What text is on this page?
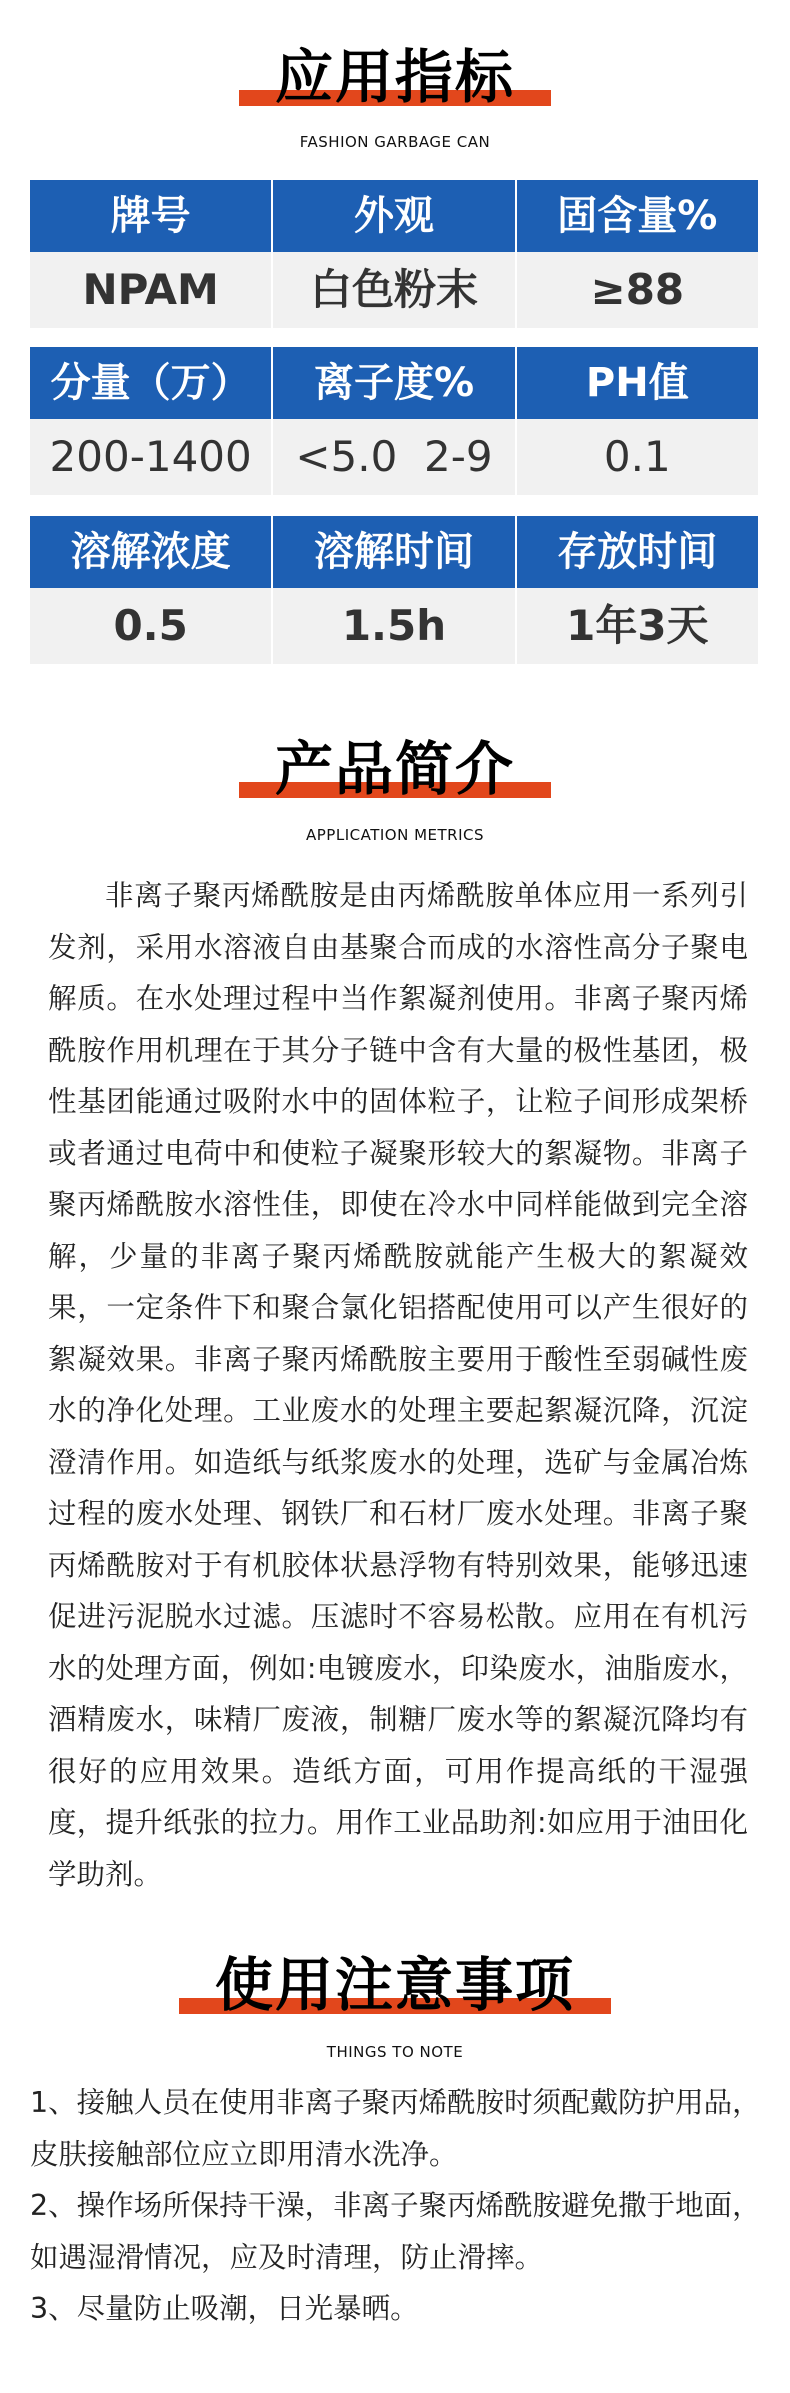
应用指标
FASHION GARBAGE CAN
牌号	外观	固含量%
NPAM	白色粉末	≥88
分量（万）	离子度%	PH值
200-1400	<5.0 2-9	0.1
溶解浓度	溶解时间	存放时间
0.5	1.5h	1年3天
产品简介
APPLICATION METRICS

非离子聚丙烯酰胺是由丙烯酰胺单体应用一系列引发剂，采用水溶液自由基聚合而成的水溶性高分子聚电解质。在水处理过程中当作絮凝剂使用。非离子聚丙烯酰胺作用机理在于其分子链中含有大量的极性基团，极性基团能通过吸附水中的固体粒子，让粒子间形成架桥或者通过电荷中和使粒子凝聚形较大的絮凝物。非离子聚丙烯酰胺水溶性佳，即使在冷水中同样能做到完全溶解，少量的非离子聚丙烯酰胺就能产生极大的絮凝效果，一定条件下和聚合氯化铝搭配使用可以产生很好的絮凝效果。非离子聚丙烯酰胺主要用于酸性至弱碱性废水的净化处理。工业废水的处理主要起絮凝沉降，沉淀澄清作用。如造纸与纸浆废水的处理，选矿与金属冶炼过程的废水处理、钢铁厂和石材厂废水处理。非离子聚丙烯酰胺对于有机胶体状悬浮物有特别效果，能够迅速促进污泥脱水过滤。压滤时不容易松散。应用在有机污水的处理方面，例如:电镀废水，印染废水，油脂废水，酒精废水，味精厂废液，制糖厂废水等的絮凝沉降均有很好的应用效果。造纸方面，可用作提高纸的干湿强度，提升纸张的拉力。用作工业品助剂:如应用于油田化学助剂。

使用注意事项
THINGS TO NOTE
1、接触人员在使用非离子聚丙烯酰胺时须配戴防护用品，皮肤接触部位应立即用清水洗净。
2、操作场所保持干澡，非离子聚丙烯酰胺避免撒于地面，如遇湿滑情况，应及时清理，防止滑摔。
3、尽量防止吸潮，日光暴晒。
